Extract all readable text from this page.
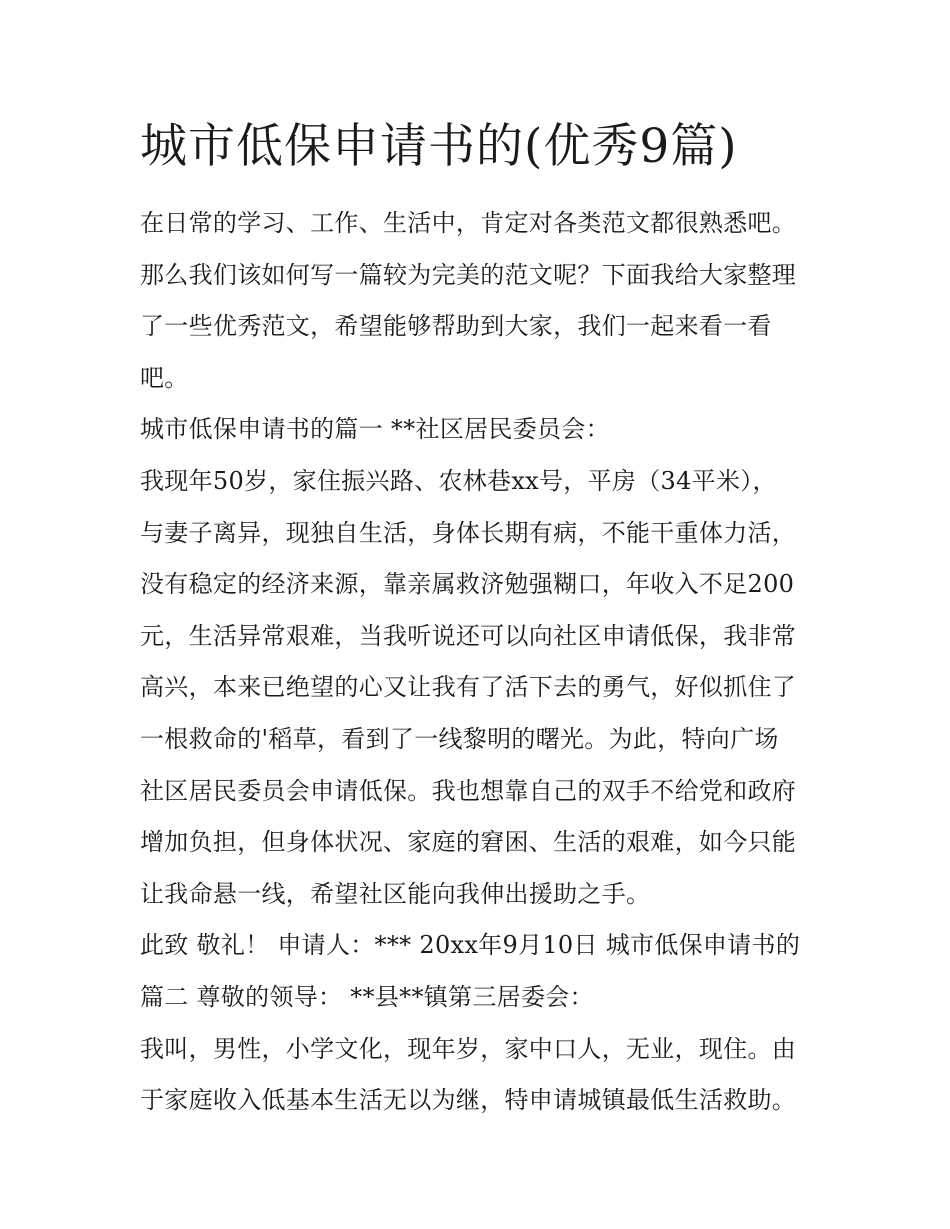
城市低保申请书的(优秀9篇)
在日常的学习、工作、生活中，肯定对各类范文都很熟悉吧。
那么我们该如何写一篇较为完美的范文呢？下面我给大家整理
了一些优秀范文，希望能够帮助到大家，我们一起来看一看
吧。
城市低保申请书的篇一 **社区居民委员会：
我现年50岁，家住振兴路、农林巷xx号，平房（34平米），
与妻子离异，现独自生活，身体长期有病，不能干重体力活，
没有稳定的经济来源，靠亲属救济勉强糊口，年收入不足200
元，生活异常艰难，当我听说还可以向社区申请低保，我非常
高兴，本来已绝望的心又让我有了活下去的勇气，好似抓住了
一根救命的'稻草，看到了一线黎明的曙光。为此，特向广场
社区居民委员会申请低保。我也想靠自己的双手不给党和政府
增加负担，但身体状况、家庭的窘困、生活的艰难，如今只能
让我命悬一线，希望社区能向我伸出援助之手。
此致 敬礼！ 申请人：*** 20xx年9月10日 城市低保申请书的
篇二 尊敬的领导： **县**镇第三居委会：
我叫，男性，小学文化，现年岁，家中口人，无业，现住。由
于家庭收入低基本生活无以为继，特申请城镇最低生活救助。
